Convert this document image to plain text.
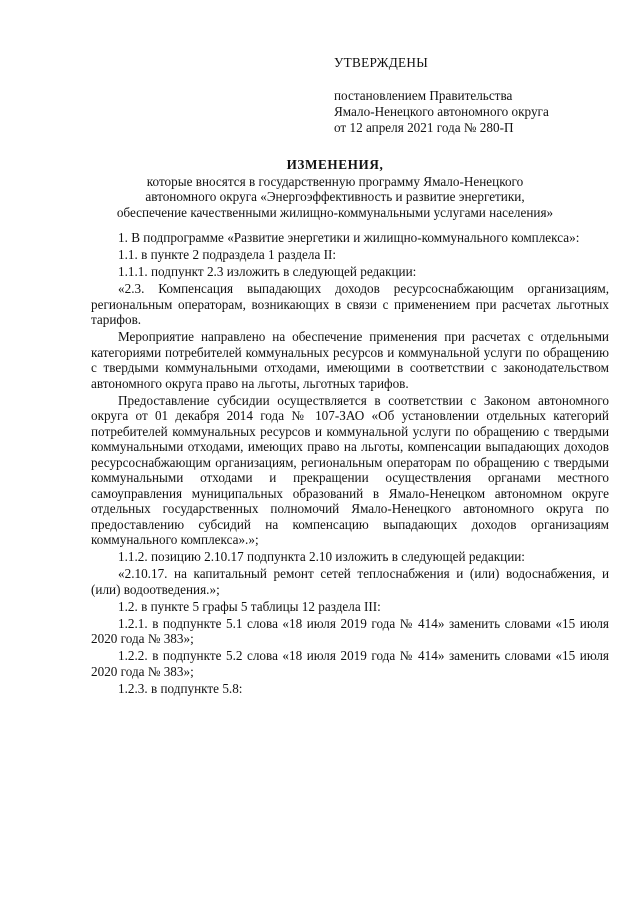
УТВЕРЖДЕНЫ
постановлением Правительства
Ямало-Ненецкого автономного округа
от 12 апреля 2021 года № 280-П
ИЗМЕНЕНИЯ,
которые вносятся в государственную программу Ямало-Ненецкого
автономного округа «Энергоэффективность и развитие энергетики,
обеспечение качественными жилищно-коммунальными услугами населения»

1. В подпрограмме «Развитие энергетики и жилищно-коммунального комплекса»:

1.1. в пункте 2 подраздела 1 раздела II:

1.1.1. подпункт 2.3 изложить в следующей редакции:

«2.3. Компенсация выпадающих доходов ресурсоснабжающим организациям, региональным операторам, возникающих в связи с применением при расчетах льготных тарифов.

Мероприятие направлено на обеспечение применения при расчетах с отдельными категориями потребителей коммунальных ресурсов и коммунальной услуги по обращению с твердыми коммунальными отходами, имеющими в соответствии с законодательством автономного округа право на льготы, льготных тарифов.

Предоставление субсидии осуществляется в соответствии с Законом автономного округа от 01 декабря 2014 года № 107-ЗАО «Об установлении отдельных категорий потребителей коммунальных ресурсов и коммунальной услуги по обращению с твердыми коммунальными отходами, имеющих право на льготы, компенсации выпадающих доходов ресурсоснабжающим организациям, региональным операторам по обращению с твердыми коммунальными отходами и прекращении осуществления органами местного самоуправления муниципальных образований в Ямало-Ненецком автономном округе отдельных государственных полномочий Ямало-Ненецкого автономного округа по предоставлению субсидий на компенсацию выпадающих доходов организациям коммунального комплекса».»;

1.1.2. позицию 2.10.17 подпункта 2.10 изложить в следующей редакции:

«2.10.17. на капитальный ремонт сетей теплоснабжения и (или) водоснабжения, и (или) водоотведения.»;

1.2. в пункте 5 графы 5 таблицы 12 раздела III:

1.2.1. в подпункте 5.1 слова «18 июля 2019 года № 414» заменить словами «15 июля 2020 года № 383»;

1.2.2. в подпункте 5.2 слова «18 июля 2019 года № 414» заменить словами «15 июля 2020 года № 383»;

1.2.3. в подпункте 5.8:
